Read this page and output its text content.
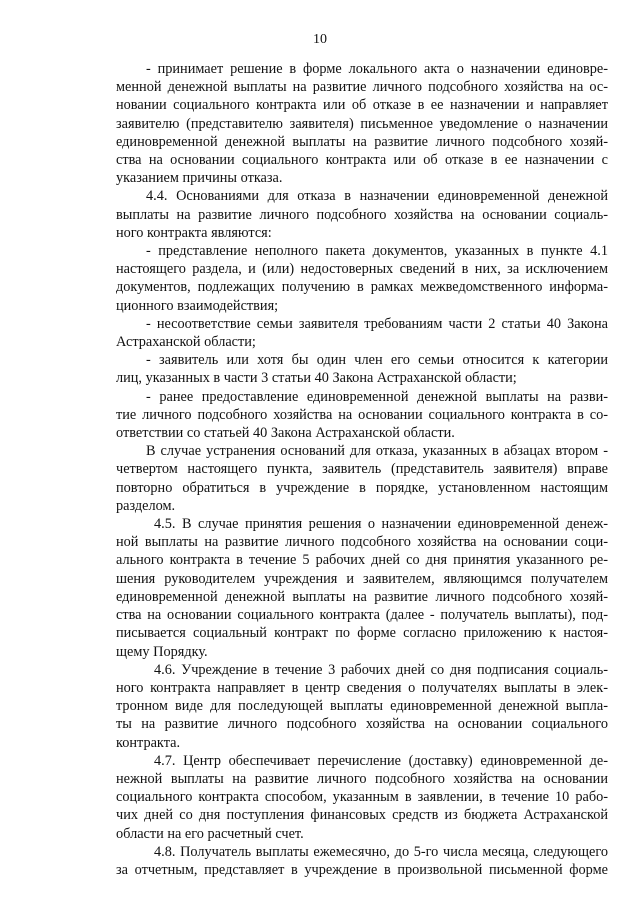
10

- принимает решение в форме локального акта о назначении единовре-
менной денежной выплаты на развитие личного подсобного хозяйства на ос-
новании социального контракта или об отказе в ее назначении и направляет
заявителю (представителю заявителя) письменное уведомление о назначении
единовременной денежной выплаты на развитие личного подсобного хозяй-
ства на основании социального контракта или об отказе в ее назначении с
указанием причины отказа.

4.4. Основаниями для отказа в назначении единовременной денежной
выплаты на развитие личного подсобного хозяйства на основании социаль-
ного контракта являются:

- представление неполного пакета документов, указанных в пункте 4.1
настоящего раздела, и (или) недостоверных сведений в них, за исключением
документов, подлежащих получению в рамках межведомственного информа-
ционного взаимодействия;

- несоответствие семьи заявителя требованиям части 2 статьи 40 Закона
Астраханской области;

- заявитель или хотя бы один член его семьи относится к категории
лиц, указанных в части 3 статьи 40 Закона Астраханской области;

- ранее предоставление единовременной денежной выплаты на разви-
тие личного подсобного хозяйства на основании социального контракта в со-
ответствии со статьей 40 Закона Астраханской области.

В случае устранения оснований для отказа, указанных в абзацах втором -
четвертом настоящего пункта, заявитель (представитель заявителя) вправе
повторно обратиться в учреждение в порядке, установленном настоящим
разделом.

4.5. В случае принятия решения о назначении единовременной денеж-
ной выплаты на развитие личного подсобного хозяйства на основании соци-
ального контракта в течение 5 рабочих дней со дня принятия указанного ре-
шения руководителем учреждения и заявителем, являющимся получателем
единовременной денежной выплаты на развитие личного подсобного хозяй-
ства на основании социального контракта (далее - получатель выплаты), под-
писывается социальный контракт по форме согласно приложению к настоя-
щему Порядку.

4.6. Учреждение в течение 3 рабочих дней со дня подписания социаль-
ного контракта направляет в центр сведения о получателях выплаты в элек-
тронном виде для последующей выплаты единовременной денежной выпла-
ты на развитие личного подсобного хозяйства на основании социального
контракта.

4.7. Центр обеспечивает перечисление (доставку) единовременной де-
нежной выплаты на развитие личного подсобного хозяйства на основании
социального контракта способом, указанным в заявлении, в течение 10 рабо-
чих дней со дня поступления финансовых средств из бюджета Астраханской
области на его расчетный счет.

4.8. Получатель выплаты ежемесячно, до 5-го числа месяца, следующего
за отчетным, представляет в учреждение в произвольной письменной форме
